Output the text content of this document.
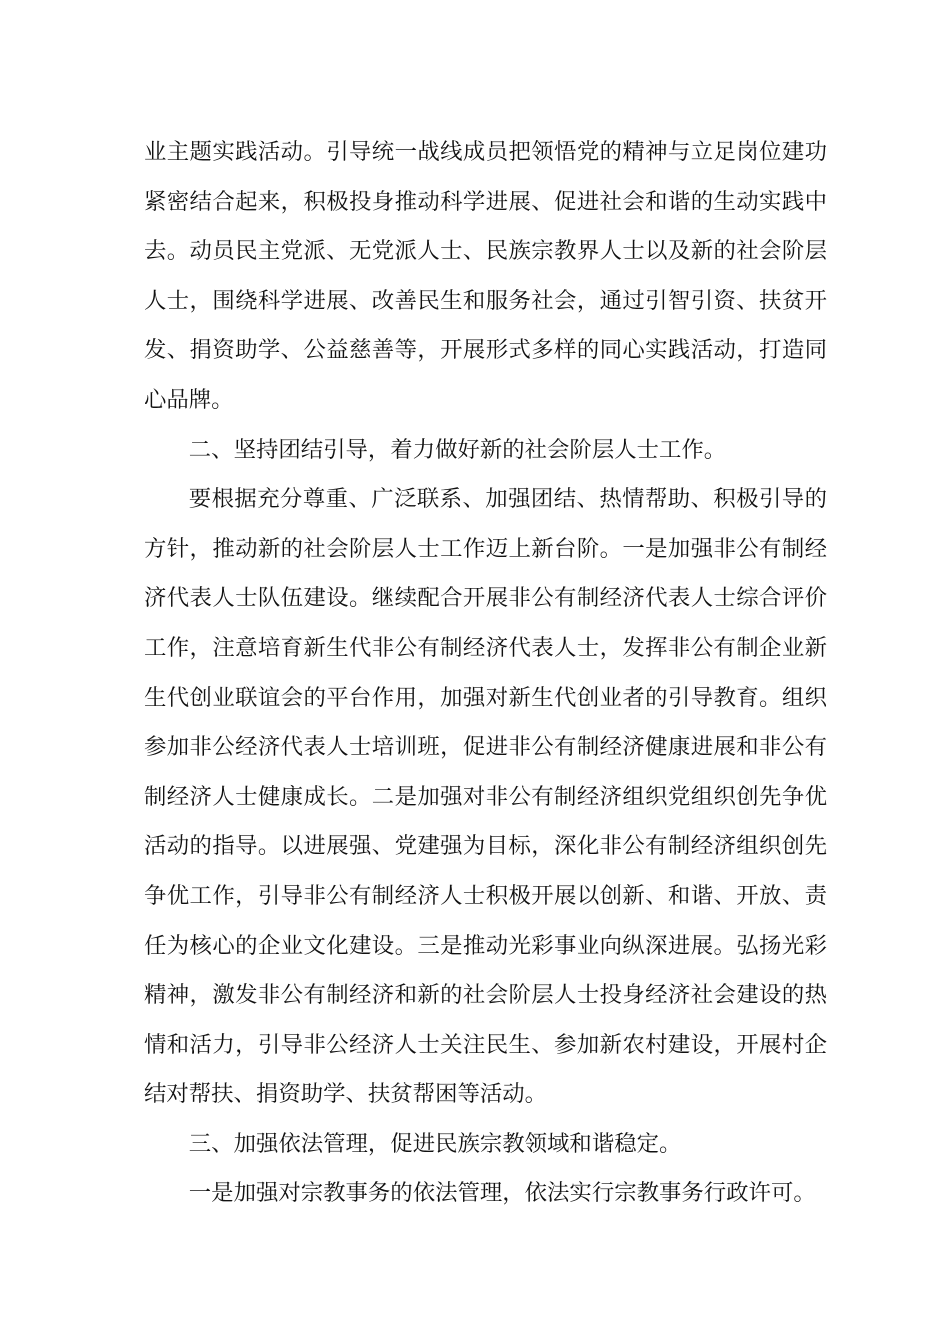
业主题实践活动。引导统一战线成员把领悟党的精神与立足岗位建功紧密结合起来，积极投身推动科学进展、促进社会和谐的生动实践中去。动员民主党派、无党派人士、民族宗教界人士以及新的社会阶层人士，围绕科学进展、改善民生和服务社会，通过引智引资、扶贫开发、捐资助学、公益慈善等，开展形式多样的同心实践活动，打造同心品牌。

二、坚持团结引导，着力做好新的社会阶层人士工作。

要根据充分尊重、广泛联系、加强团结、热情帮助、积极引导的方针，推动新的社会阶层人士工作迈上新台阶。一是加强非公有制经济代表人士队伍建设。继续配合开展非公有制经济代表人士综合评价工作，注意培育新生代非公有制经济代表人士，发挥非公有制企业新生代创业联谊会的平台作用，加强对新生代创业者的引导教育。组织参加非公经济代表人士培训班，促进非公有制经济健康进展和非公有制经济人士健康成长。二是加强对非公有制经济组织党组织创先争优活动的指导。以进展强、党建强为目标，深化非公有制经济组织创先争优工作，引导非公有制经济人士积极开展以创新、和谐、开放、责任为核心的企业文化建设。三是推动光彩事业向纵深进展。弘扬光彩精神，激发非公有制经济和新的社会阶层人士投身经济社会建设的热情和活力，引导非公经济人士关注民生、参加新农村建设，开展村企结对帮扶、捐资助学、扶贫帮困等活动。

三、加强依法管理，促进民族宗教领域和谐稳定。

一是加强对宗教事务的依法管理，依法实行宗教事务行政许可。
